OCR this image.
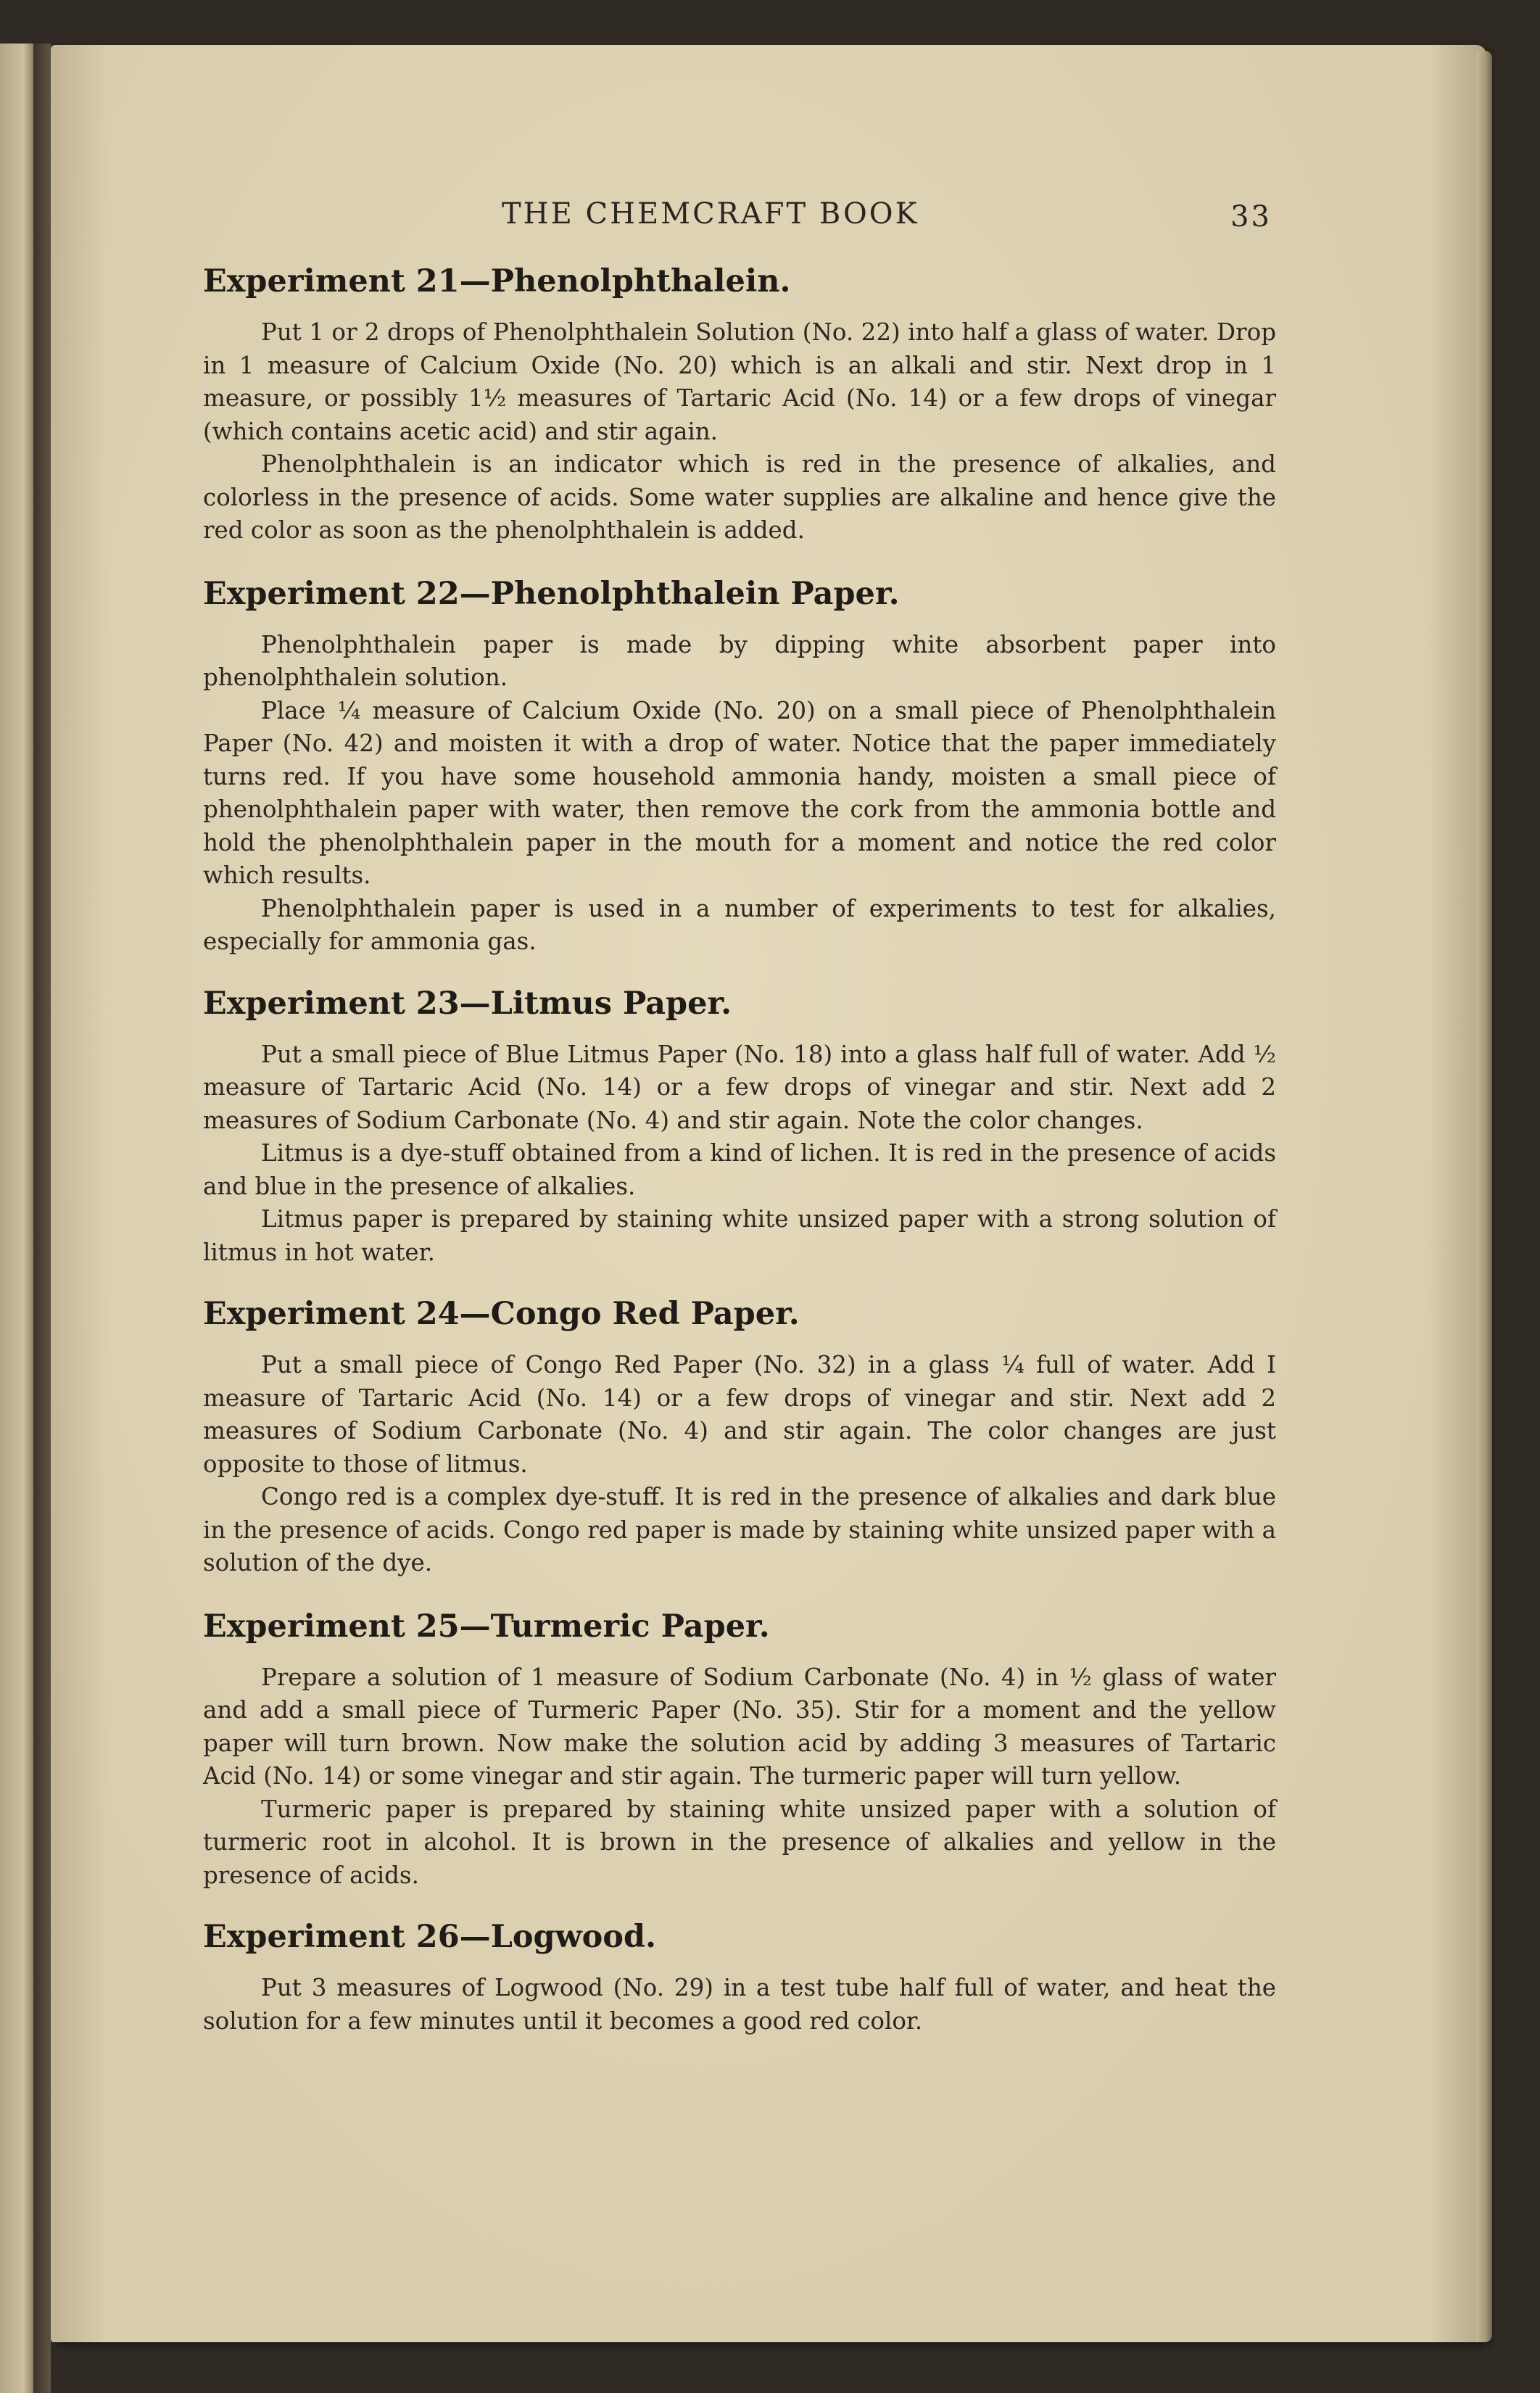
THE CHEMCRAFT BOOK	33
Experiment 21—Phenolphthalein.

Put 1 or 2 drops of Phenolphthalein Solution (No. 22) into half a glass of water. Drop in 1 measure of Calcium Oxide (No. 20) which is an alkali and stir. Next drop in 1 measure, or possibly 1½ measures of Tartaric Acid (No. 14) or a few drops of vinegar (which contains acetic acid) and stir again.

Phenolphthalein is an indicator which is red in the presence of alkalies, and colorless in the presence of acids. Some water supplies are alkaline and hence give the red color as soon as the phenolphthalein is added.

Experiment 22—Phenolphthalein Paper.

Phenolphthalein paper is made by dipping white absorbent paper into phenolphthalein solution.

Place ¼ measure of Calcium Oxide (No. 20) on a small piece of Phenolphthalein Paper (No. 42) and moisten it with a drop of water. Notice that the paper immediately turns red. If you have some household ammonia handy, moisten a small piece of phenolphthalein paper with water, then remove the cork from the ammonia bottle and hold the phenolphthalein paper in the mouth for a moment and notice the red color which results.

Phenolphthalein paper is used in a number of experiments to test for alkalies, especially for ammonia gas.

Experiment 23—Litmus Paper.

Put a small piece of Blue Litmus Paper (No. 18) into a glass half full of water. Add ½ measure of Tartaric Acid (No. 14) or a few drops of vinegar and stir. Next add 2 measures of Sodium Carbonate (No. 4) and stir again. Note the color changes.

Litmus is a dye-stuff obtained from a kind of lichen. It is red in the presence of acids and blue in the presence of alkalies.

Litmus paper is prepared by staining white unsized paper with a strong solution of litmus in hot water.

Experiment 24—Congo Red Paper.

Put a small piece of Congo Red Paper (No. 32) in a glass ¼ full of water. Add I measure of Tartaric Acid (No. 14) or a few drops of vinegar and stir. Next add 2 measures of Sodium Carbonate (No. 4) and stir again. The color changes are just opposite to those of litmus.

Congo red is a complex dye-stuff. It is red in the presence of alkalies and dark blue in the presence of acids. Congo red paper is made by staining white unsized paper with a solution of the dye.

Experiment 25—Turmeric Paper.

Prepare a solution of 1 measure of Sodium Carbonate (No. 4) in ½ glass of water and add a small piece of Turmeric Paper (No. 35). Stir for a moment and the yellow paper will turn brown. Now make the solution acid by adding 3 measures of Tartaric Acid (No. 14) or some vinegar and stir again. The turmeric paper will turn yellow.

Turmeric paper is prepared by staining white unsized paper with a solution of turmeric root in alcohol. It is brown in the presence of alkalies and yellow in the presence of acids.

Experiment 26—Logwood.

Put 3 measures of Logwood (No. 29) in a test tube half full of water, and heat the solution for a few minutes until it becomes a good red color.
